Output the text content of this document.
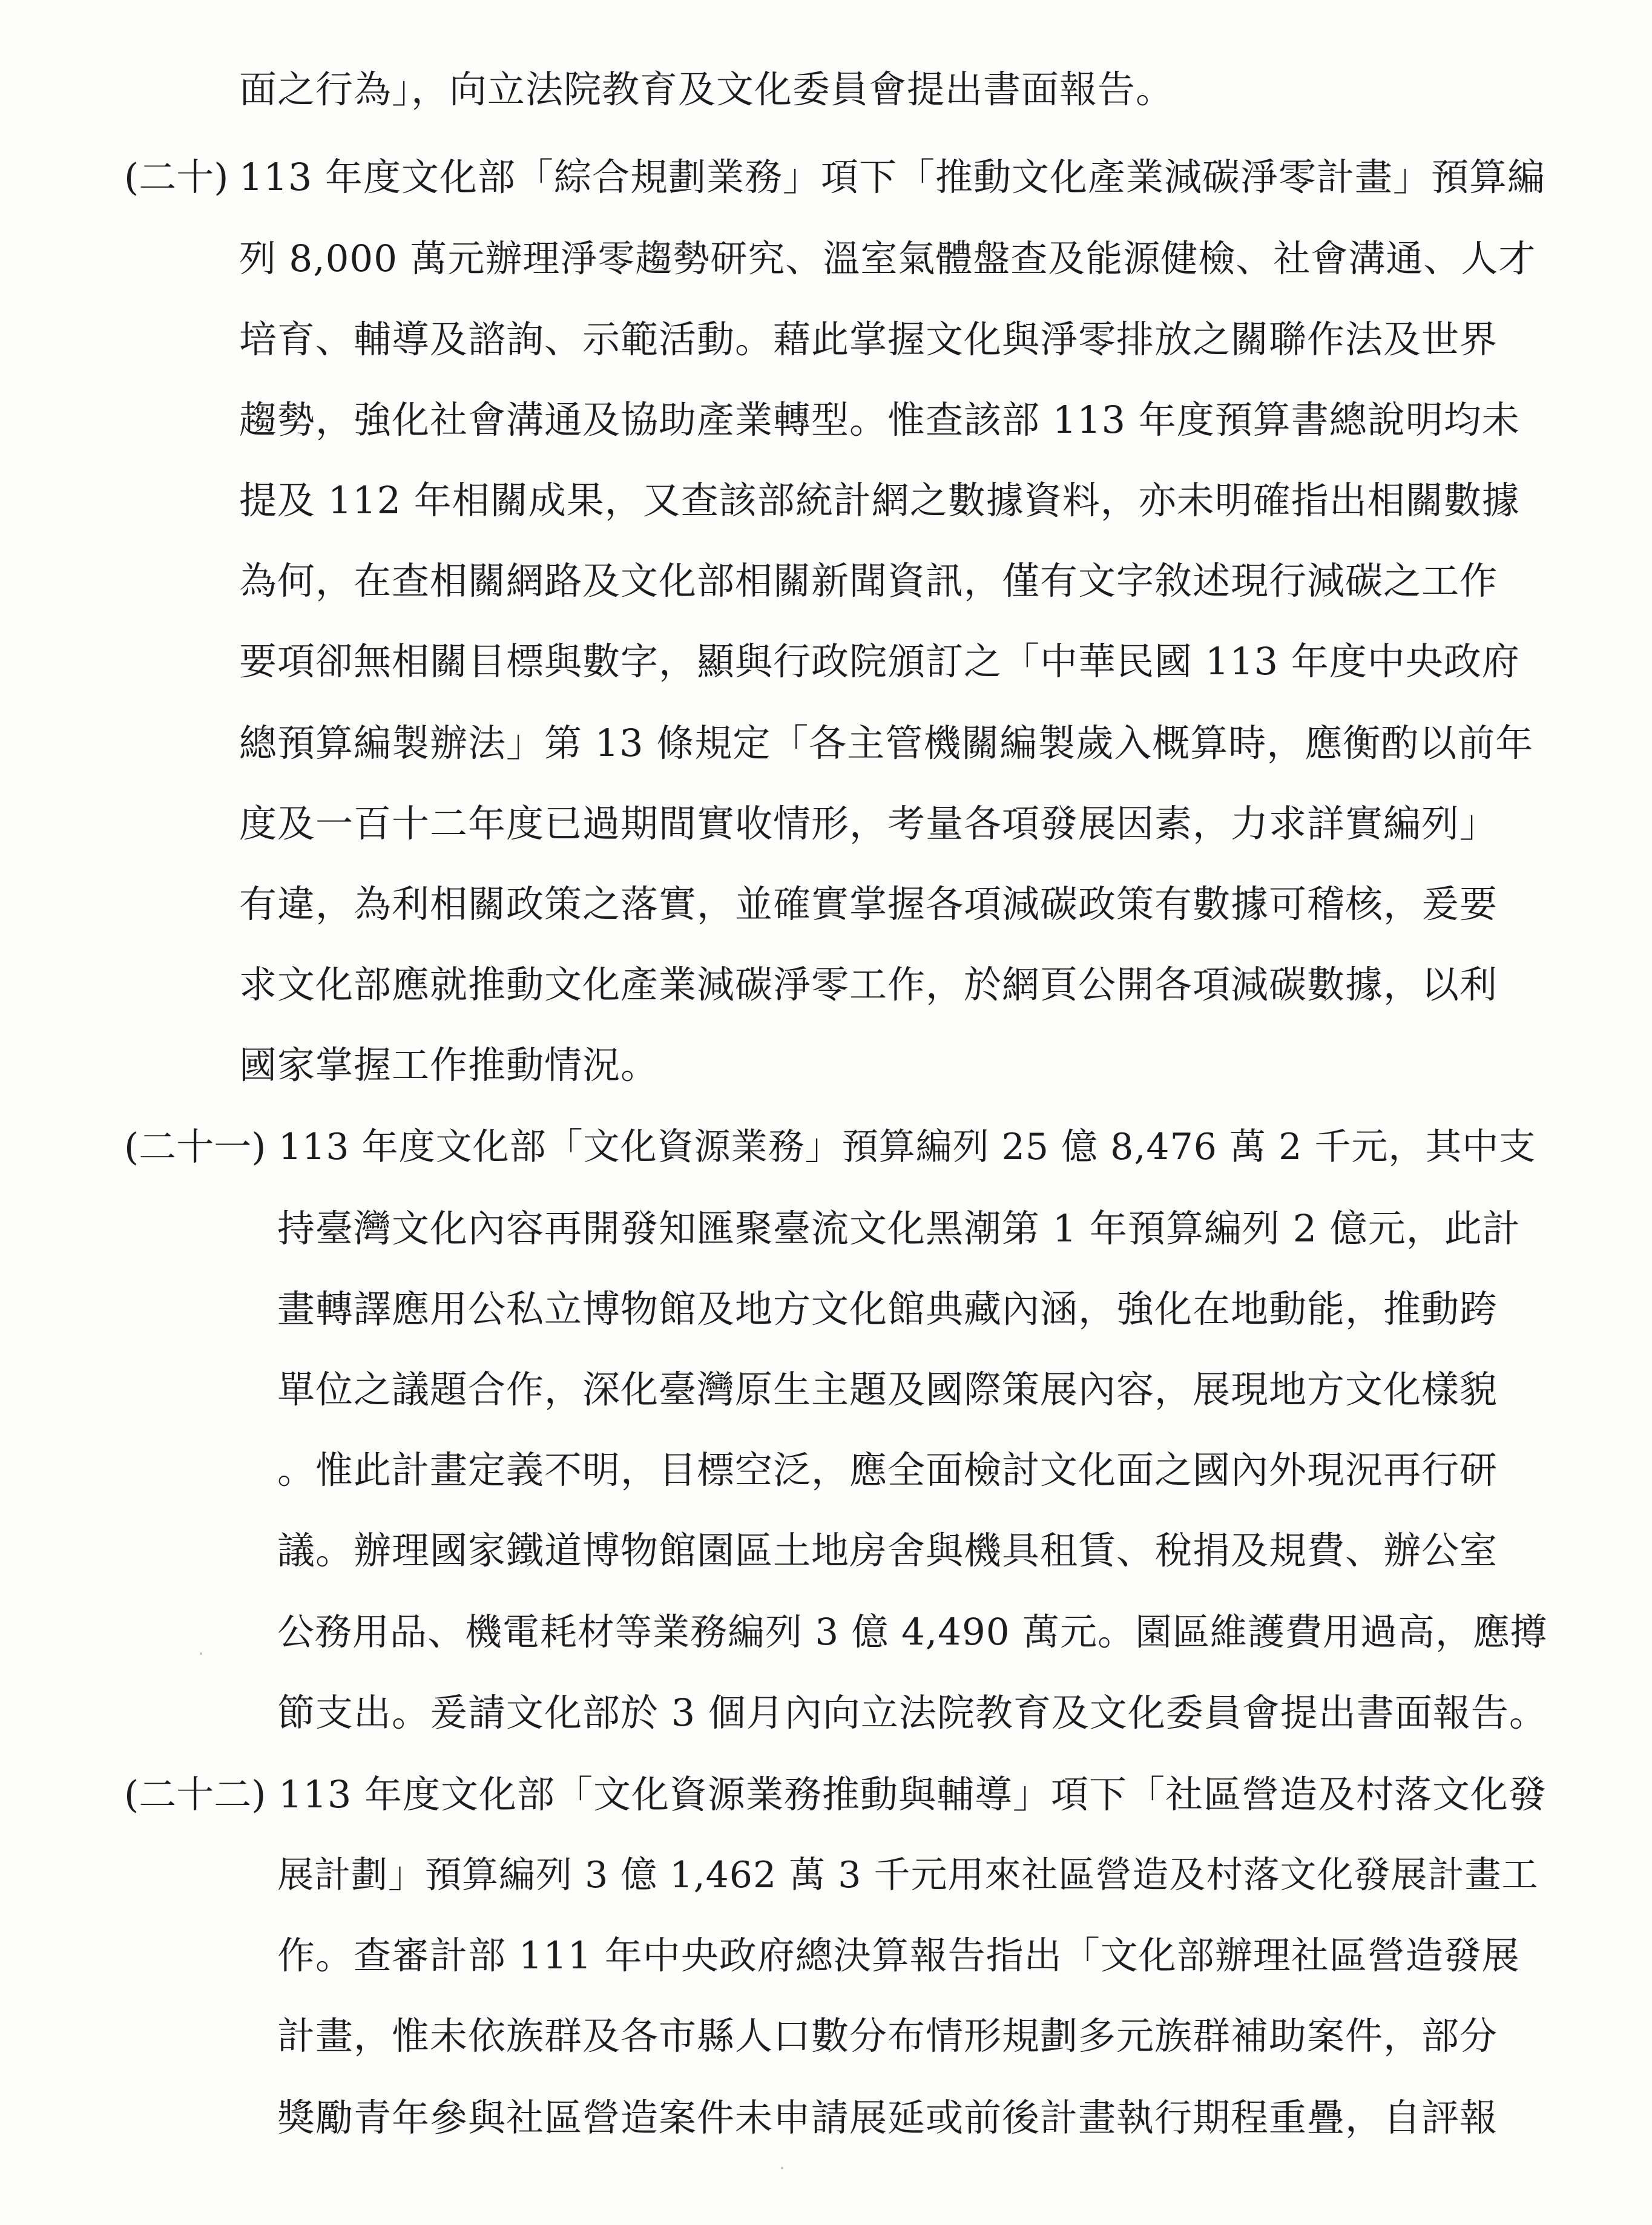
面之行為」，向立法院教育及文化委員會提出書面報告。
(二十) 113 年度文化部「綜合規劃業務」項下「推動文化產業減碳淨零計畫」預算編
列 8,000 萬元辦理淨零趨勢研究、溫室氣體盤查及能源健檢、社會溝通、人才
培育、輔導及諮詢、示範活動。藉此掌握文化與淨零排放之關聯作法及世界
趨勢，強化社會溝通及協助產業轉型。惟查該部 113 年度預算書總說明均未
提及 112 年相關成果，又查該部統計網之數據資料，亦未明確指出相關數據
為何，在查相關網路及文化部相關新聞資訊，僅有文字敘述現行減碳之工作
要項卻無相關目標與數字，顯與行政院頒訂之「中華民國 113 年度中央政府
總預算編製辦法」第 13 條規定「各主管機關編製歲入概算時，應衡酌以前年
度及一百十二年度已過期間實收情形，考量各項發展因素，力求詳實編列」
有違，為利相關政策之落實，並確實掌握各項減碳政策有數據可稽核，爰要
求文化部應就推動文化產業減碳淨零工作，於網頁公開各項減碳數據，以利
國家掌握工作推動情況。
(二十一) 113 年度文化部「文化資源業務」預算編列 25 億 8,476 萬 2 千元，其中支
持臺灣文化內容再開發知匯聚臺流文化黑潮第 1 年預算編列 2 億元，此計
畫轉譯應用公私立博物館及地方文化館典藏內涵，強化在地動能，推動跨
單位之議題合作，深化臺灣原生主題及國際策展內容，展現地方文化樣貌
。惟此計畫定義不明，目標空泛，應全面檢討文化面之國內外現況再行研
議。辦理國家鐵道博物館園區土地房舍與機具租賃、稅捐及規費、辦公室
公務用品、機電耗材等業務編列 3 億 4,490 萬元。園區維護費用過高，應撙
節支出。爰請文化部於 3 個月內向立法院教育及文化委員會提出書面報告。
(二十二) 113 年度文化部「文化資源業務推動與輔導」項下「社區營造及村落文化發
展計劃」預算編列 3 億 1,462 萬 3 千元用來社區營造及村落文化發展計畫工
作。查審計部 111 年中央政府總決算報告指出「文化部辦理社區營造發展
計畫，惟未依族群及各市縣人口數分布情形規劃多元族群補助案件，部分
獎勵青年參與社區營造案件未申請展延或前後計畫執行期程重疊，自評報
